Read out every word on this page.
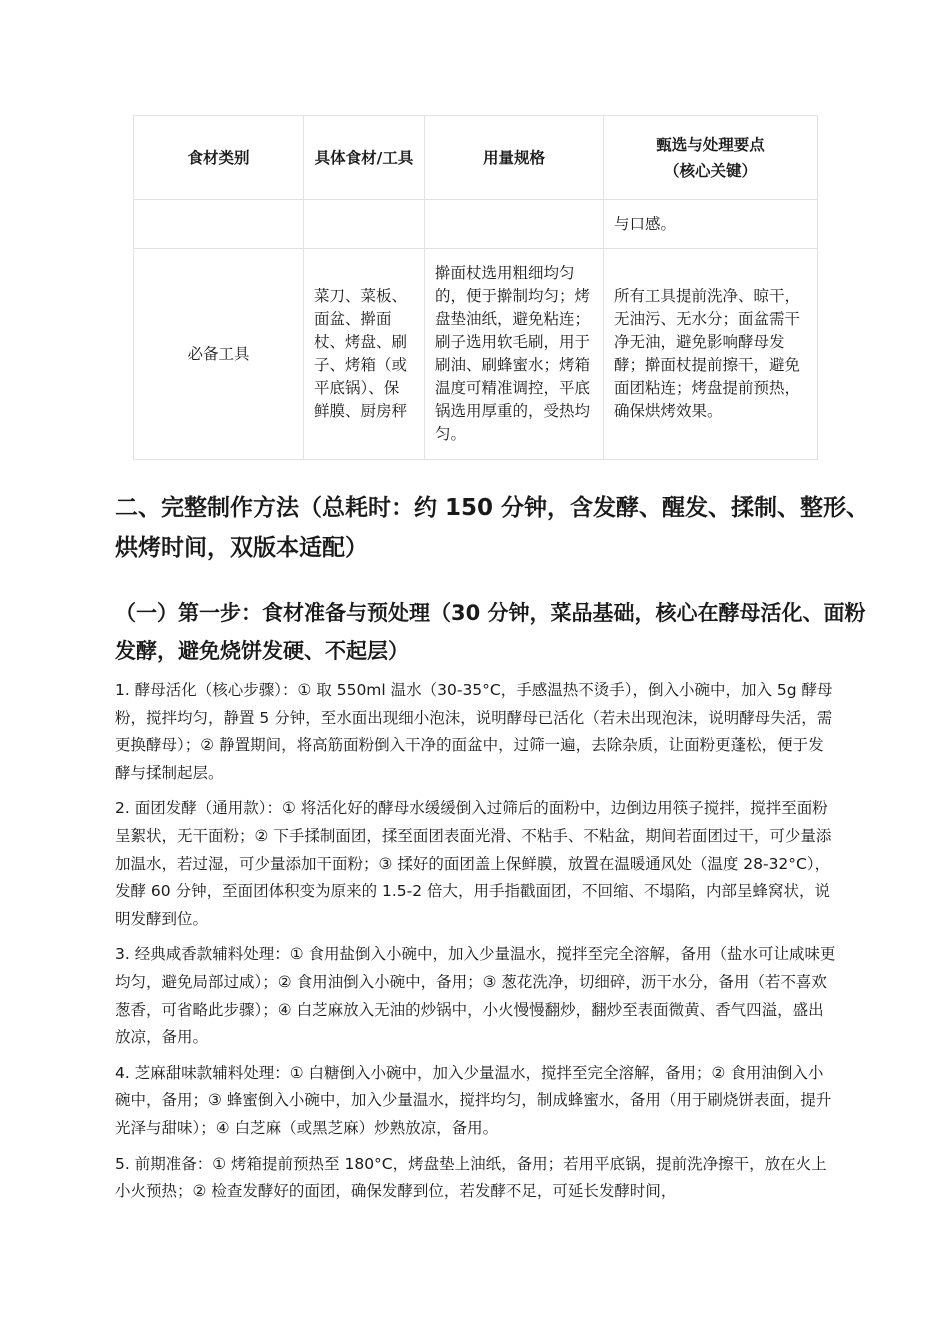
食材类别	具体食材/工具	用量规格	甄选与处理要点
（核心关键）

			与口感。
必备工具	菜刀、菜板、面盆、擀面杖、烤盘、刷子、烤箱（或平底锅）、保鲜膜、厨房秤	擀面杖选用粗细均匀的，便于擀制均匀；烤盘垫油纸，避免粘连；刷子选用软毛刷，用于刷油、刷蜂蜜水；烤箱温度可精准调控，平底锅选用厚重的，受热均匀。	所有工具提前洗净、晾干，无油污、无水分；面盆需干净无油，避免影响酵母发酵；擀面杖提前擦干，避免面团粘连；烤盘提前预热，确保烘烤效果。
二、完整制作方法（总耗时：约 150 分钟，含发酵、醒发、揉制、整形、烘烤时间，双版本适配）
（一）第一步：食材准备与预处理（30 分钟，菜品基础，核心在酵母活化、面粉发酵，避免烧饼发硬、不起层）

1. 酵母活化（核心步骤）：① 取 550ml 温水（30-35°C，手感温热不烫手），倒入小碗中，加入 5g 酵母粉，搅拌均匀，静置 5 分钟，至水面出现细小泡沫，说明酵母已活化（若未出现泡沫，说明酵母失活，需更换酵母）；② 静置期间，将高筋面粉倒入干净的面盆中，过筛一遍，去除杂质，让面粉更蓬松，便于发酵与揉制起层。

2. 面团发酵（通用款）：① 将活化好的酵母水缓缓倒入过筛后的面粉中，边倒边用筷子搅拌，搅拌至面粉呈絮状，无干面粉；② 下手揉制面团，揉至面团表面光滑、不粘手、不粘盆，期间若面团过干，可少量添加温水，若过湿，可少量添加干面粉；③ 揉好的面团盖上保鲜膜，放置在温暖通风处（温度 28-32°C），发酵 60 分钟，至面团体积变为原来的 1.5-2 倍大，用手指戳面团，不回缩、不塌陷，内部呈蜂窝状，说明发酵到位。

3. 经典咸香款辅料处理：① 食用盐倒入小碗中，加入少量温水，搅拌至完全溶解，备用（盐水可让咸味更均匀，避免局部过咸）；② 食用油倒入小碗中，备用；③ 葱花洗净，切细碎，沥干水分，备用（若不喜欢葱香，可省略此步骤）；④ 白芝麻放入无油的炒锅中，小火慢慢翻炒，翻炒至表面微黄、香气四溢，盛出放凉，备用。

4. 芝麻甜味款辅料处理：① 白糖倒入小碗中，加入少量温水，搅拌至完全溶解，备用；② 食用油倒入小碗中，备用；③ 蜂蜜倒入小碗中，加入少量温水，搅拌均匀，制成蜂蜜水，备用（用于刷烧饼表面，提升光泽与甜味）；④ 白芝麻（或黑芝麻）炒熟放凉，备用。

5. 前期准备：① 烤箱提前预热至 180°C，烤盘垫上油纸，备用；若用平底锅，提前洗净擦干，放在火上小火预热；② 检查发酵好的面团，确保发酵到位，若发酵不足，可延长发酵时间，
